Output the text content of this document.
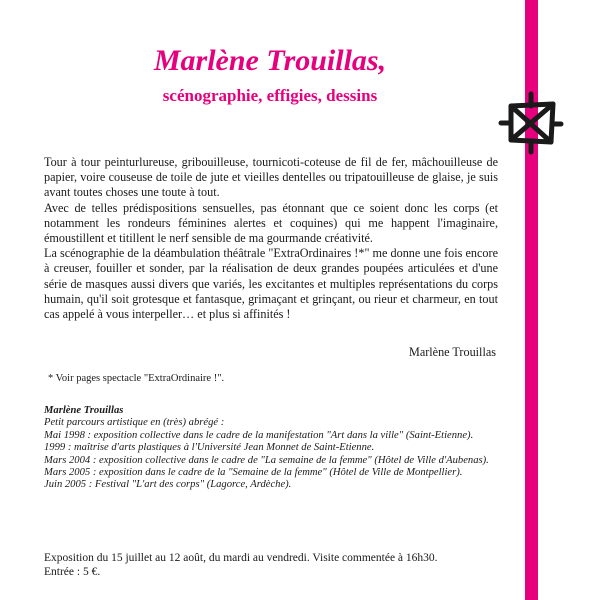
Marlène Trouillas,
scénographie, effigies, dessins

Tour à tour peinturlureuse, gribouilleuse, tournicoti-coteuse de fil de fer, mâchouilleuse de papier, voire couseuse de toile de jute et vieilles dentelles ou tripatouilleuse de glaise, je suis avant toutes choses une toute à tout.

Avec de telles prédispositions sensuelles, pas étonnant que ce soient donc les corps (et notamment les rondeurs féminines alertes et coquines) qui me happent l'imaginaire, émoustillent et titillent le nerf sensible de ma gourmande créativité.

La scénographie de la déambulation théâtrale "ExtraOrdinaires !*" me donne une fois encore à creuser, fouiller et sonder, par la réalisation de deux grandes poupées articulées et d'une série de masques aussi divers que variés, les excitantes et multiples représentations du corps humain, qu'il soit grotesque et fantasque, grimaçant et grinçant, ou rieur et charmeur, en tout cas appelé à vous interpeller… et plus si affinités !

Marlène Trouillas
* Voir pages spectacle "ExtraOrdinaire !".
Marlène Trouillas
Petit parcours artistique en (très) abrégé :
Mai 1998 : exposition collective dans le cadre de la manifestation "Art dans la ville" (Saint-Etienne).
1999 : maîtrise d'arts plastiques à l'Université Jean Monnet de Saint-Etienne.
Mars 2004 : exposition collective dans le cadre de "La semaine de la femme" (Hôtel de Ville d'Aubenas).
Mars 2005 : exposition dans le cadre de la "Semaine de la femme" (Hôtel de Ville de Montpellier).
Juin 2005 : Festival "L'art des corps" (Lagorce, Ardèche).
Exposition du 15 juillet au 12 août, du mardi au vendredi. Visite commentée à 16h30.
Entrée : 5 €.
